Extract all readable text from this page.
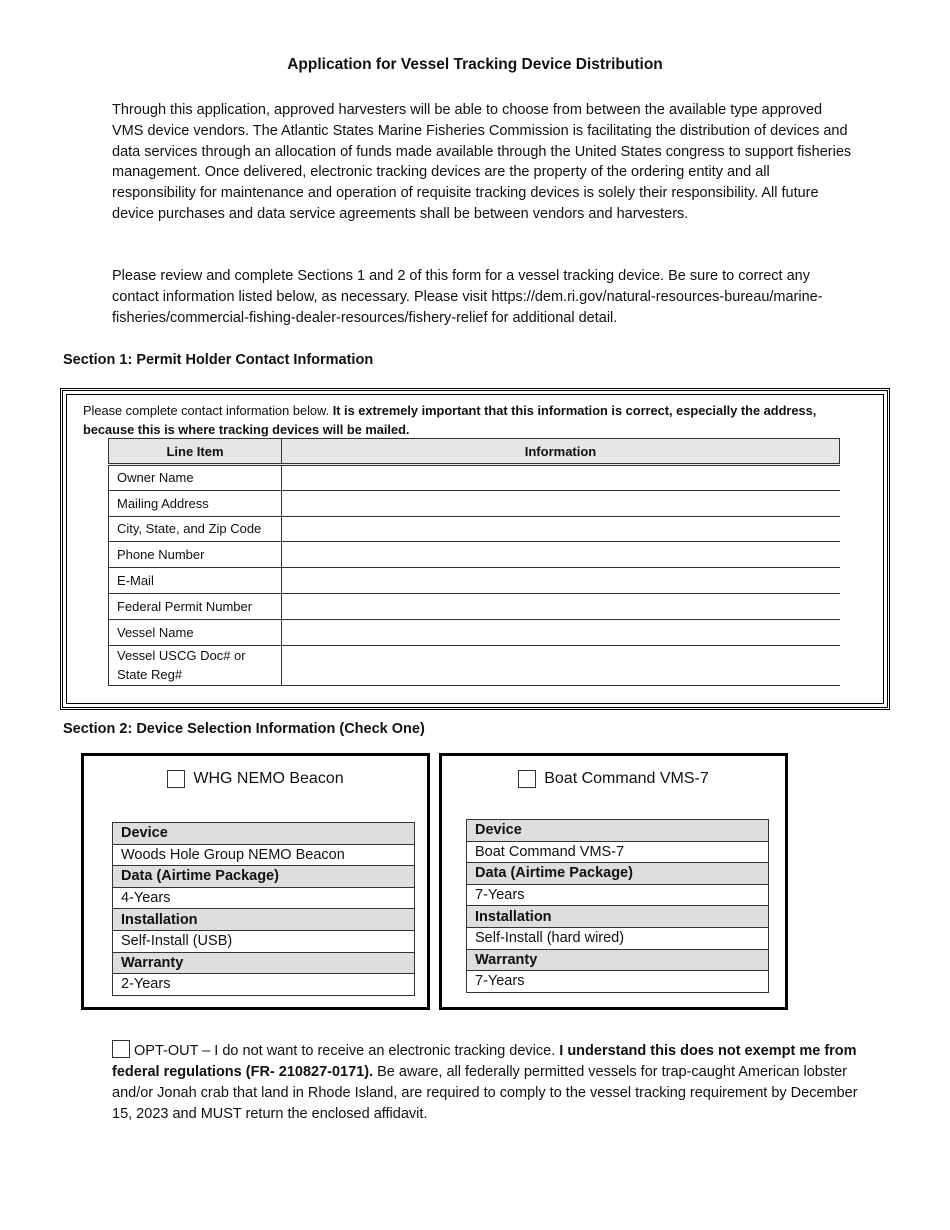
Application for Vessel Tracking Device Distribution
Through this application, approved harvesters will be able to choose from between the available type approved VMS device vendors. The Atlantic States Marine Fisheries Commission is facilitating the distribution of devices and data services through an allocation of funds made available through the United States congress to support fisheries management. Once delivered, electronic tracking devices are the property of the ordering entity and all responsibility for maintenance and operation of requisite tracking devices is solely their responsibility. All future device purchases and data service agreements shall be between vendors and harvesters.
Please review and complete Sections 1 and 2 of this form for a vessel tracking device. Be sure to correct any contact information listed below, as necessary. Please visit https://dem.ri.gov/natural-resources-bureau/marine-fisheries/commercial-fishing-dealer-resources/fishery-relief for additional detail.
Section 1: Permit Holder Contact Information
Please complete contact information below. It is extremely important that this information is correct, especially the address, because this is where tracking devices will be mailed.
Line Item	Information
Owner Name	
Mailing Address	
City, State, and Zip Code	
Phone Number	
E-Mail	
Federal Permit Number	
Vessel Name	
Vessel USCG Doc# or State Reg#	
Section 2: Device Selection Information (Check One)
WHG NEMO Beacon
Device
Woods Hole Group NEMO Beacon
Data (Airtime Package)
4-Years
Installation
Self-Install (USB)
Warranty
2-Years
Boat Command VMS-7
Device
Boat Command VMS-7
Data (Airtime Package)
7-Years
Installation
Self-Install (hard wired)
Warranty
7-Years
OPT-OUT – I do not want to receive an electronic tracking device. I understand this does not exempt me from federal regulations (FR- 210827-0171). Be aware, all federally permitted vessels for trap-caught American lobster and/or Jonah crab that land in Rhode Island, are required to comply to the vessel tracking requirement by December 15, 2023 and MUST return the enclosed affidavit.
